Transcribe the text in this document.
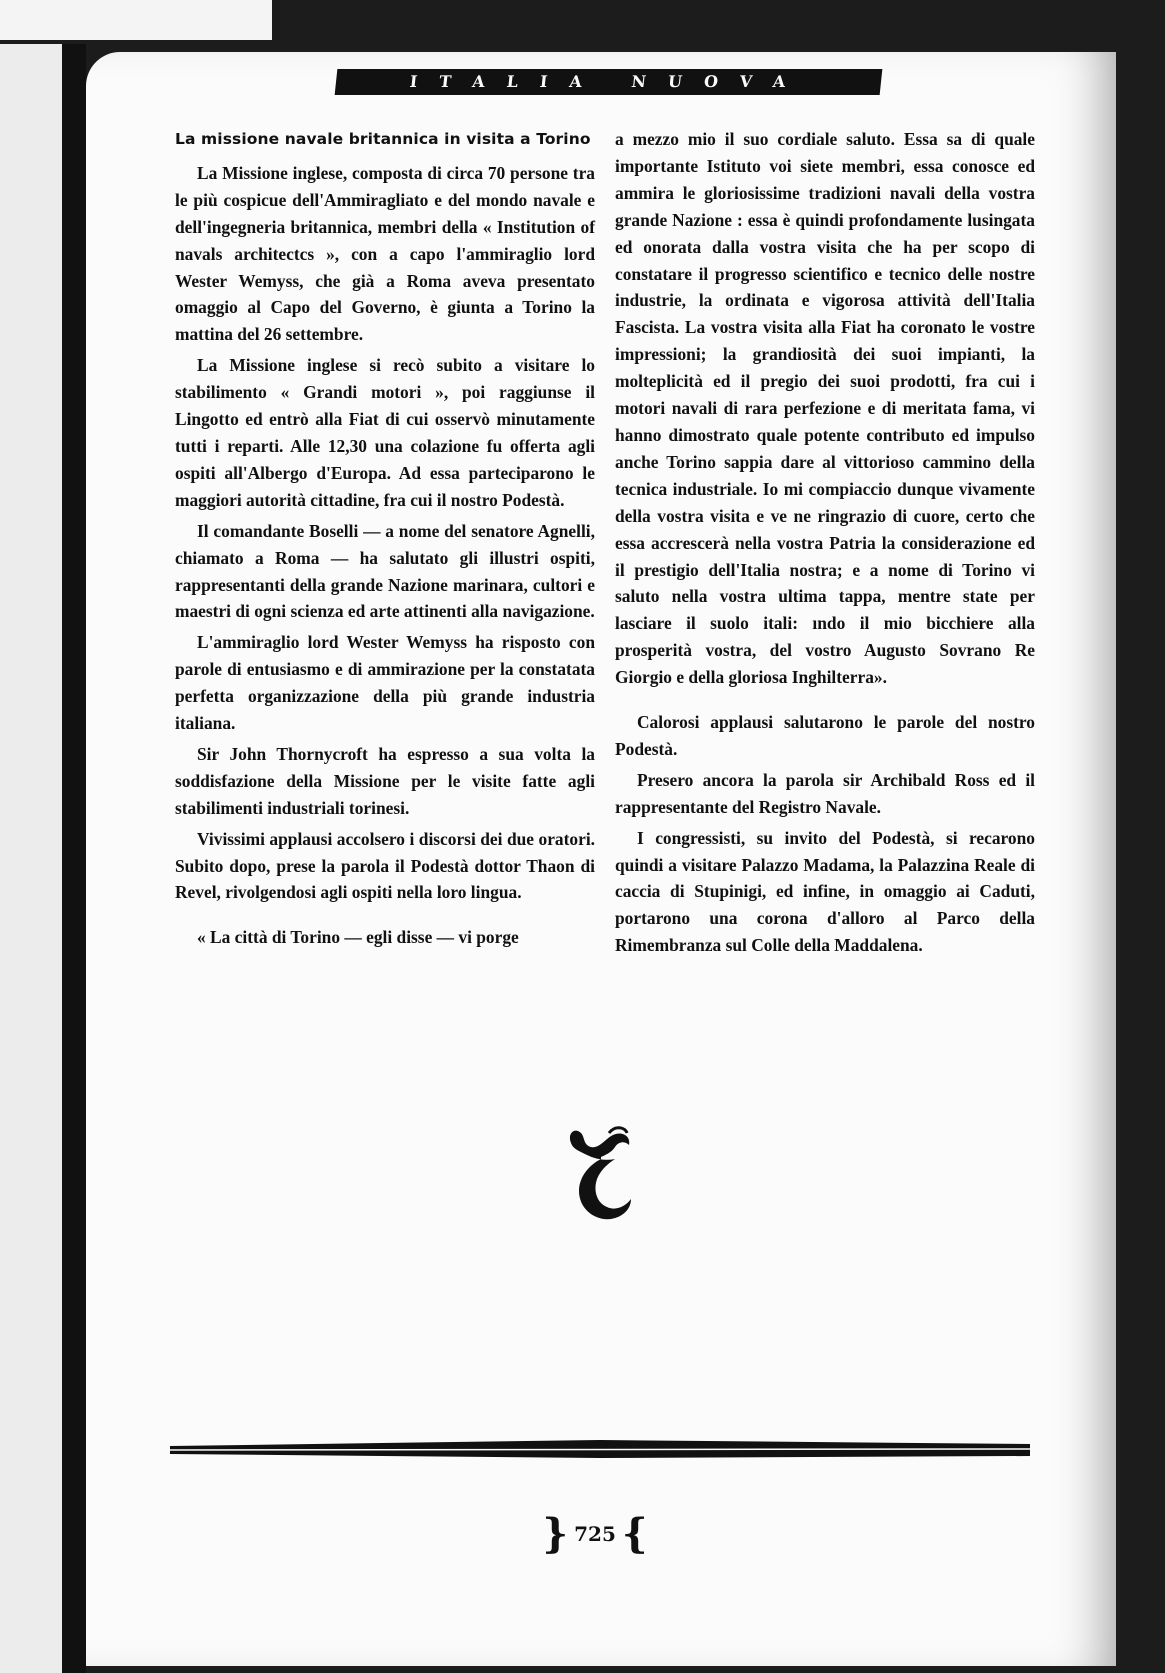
ITALIA NUOVA

La missione navale britannica in visita a Torino

La Missione inglese, composta di circa 70 persone tra le più cospicue dell'Ammiragliato e del mondo navale e dell'ingegneria britannica, membri della « Institution of navals architectcs », con a capo l'ammiraglio lord Wester Wemyss, che già a Roma aveva presentato omaggio al Capo del Governo, è giunta a Torino la mattina del 26 settembre.

La Missione inglese si recò subito a visitare lo stabilimento « Grandi motori », poi raggiunse il Lingotto ed entrò alla Fiat di cui osservò minutamente tutti i reparti. Alle 12,30 una colazione fu offerta agli ospiti all'Albergo d'Europa. Ad essa parteciparono le maggiori autorità cittadine, fra cui il nostro Podestà.

Il comandante Boselli — a nome del senatore Agnelli, chiamato a Roma — ha salutato gli illustri ospiti, rappresentanti della grande Nazione marinara, cultori e maestri di ogni scienza ed arte attinenti alla navigazione.

L'ammiraglio lord Wester Wemyss ha risposto con parole di entusiasmo e di ammirazione per la constatata perfetta organizzazione della più grande industria italiana.

Sir John Thornycroft ha espresso a sua volta la soddisfazione della Missione per le visite fatte agli stabilimenti industriali torinesi.

Vivissimi applausi accolsero i discorsi dei due oratori. Subito dopo, prese la parola il Podestà dottor Thaon di Revel, rivolgendosi agli ospiti nella loro lingua.

« La città di Torino — egli disse — vi porge

a mezzo mio il suo cordiale saluto. Essa sa di quale importante Istituto voi siete membri, essa conosce ed ammira le gloriosissime tradizioni navali della vostra grande Nazione : essa è quindi profondamente lusingata ed onorata dalla vostra visita che ha per scopo di constatare il progresso scientifico e tecnico delle nostre industrie, la ordinata e vigorosa attività dell'Italia Fascista. La vostra visita alla Fiat ha coronato le vostre impressioni; la grandiosità dei suoi impianti, la molteplicità ed il pregio dei suoi prodotti, fra cui i motori navali di rara perfezione e di meritata fama, vi hanno dimostrato quale potente contributo ed impulso anche Torino sappia dare al vittorioso cammino della tecnica industriale. Io mi compiaccio dunque vivamente della vostra visita e ve ne ringrazio di cuore, certo che essa accrescerà nella vostra Patria la considerazione ed il prestigio dell'Italia nostra; e a nome di Torino vi saluto nella vostra ultima tappa, mentre state per lasciare il suolo itali: ındo il mio bicchiere alla prosperità vostra, del vostro Augusto Sovrano Re Giorgio e della gloriosa Inghilterra».

Calorosi applausi salutarono le parole del nostro Podestà.

Presero ancora la parola sir Archibald Ross ed il rappresentante del Registro Navale.

I congressisti, su invito del Podestà, si recarono quindi a visitare Palazzo Madama, la Palazzina Reale di caccia di Stupinigi, ed infine, in omaggio ai Caduti, portarono una corona d'alloro al Parco della Rimembranza sul Colle della Maddalena.

} 725 {
